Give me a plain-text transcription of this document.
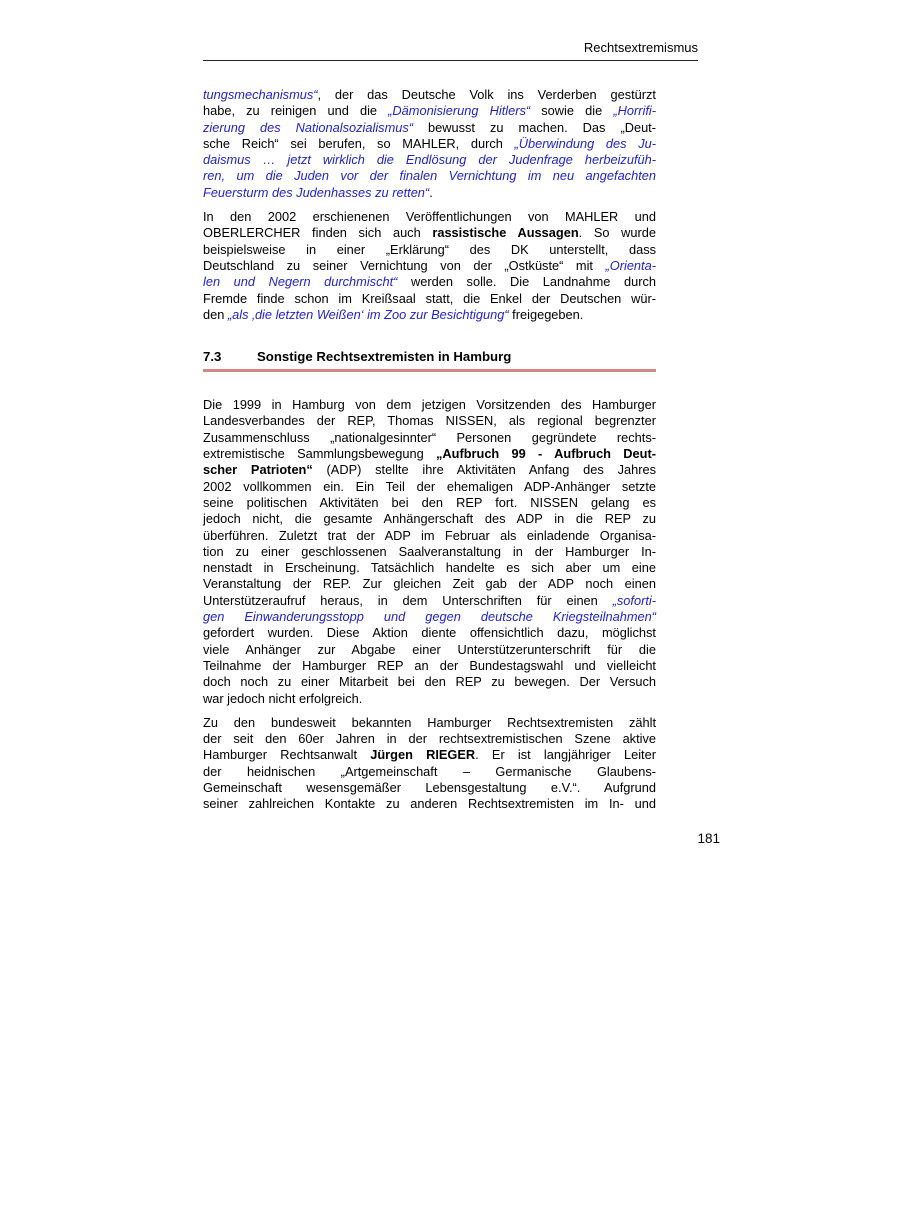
Rechtsextremismus
tungsmechanismus“, der das Deutsche Volk ins Verderben gestürzt
habe, zu reinigen und die „Dämonisierung Hitlers“ sowie die „Horrifi-
zierung des Nationalsozialismus“ bewusst zu machen. Das „Deut-
sche Reich“ sei berufen, so MAHLER, durch „Überwindung des Ju-
daismus … jetzt wirklich die Endlösung der Judenfrage herbeizufüh-
ren, um die Juden vor der finalen Vernichtung im neu angefachten
Feuersturm des Judenhasses zu retten“.
In den 2002 erschienenen Veröffentlichungen von MAHLER und
OBERLERCHER finden sich auch rassistische Aussagen. So wurde
beispielsweise in einer „Erklärung“ des DK unterstellt, dass
Deutschland zu seiner Vernichtung von der „Ostküste“ mit „Orienta-
len und Negern durchmischt“ werden solle. Die Landnahme durch
Fremde finde schon im Kreißsaal statt, die Enkel der Deutschen wür-
den „als ‚die letzten Weißen‘ im Zoo zur Besichtigung“ freigegeben.
7.3	Sonstige Rechtsextremisten in Hamburg
Die 1999 in Hamburg von dem jetzigen Vorsitzenden des Hamburger
Landesverbandes der REP, Thomas NISSEN, als regional begrenzter
Zusammenschluss „nationalgesinnter“ Personen gegründete rechts-
extremistische Sammlungsbewegung „Aufbruch 99 - Aufbruch Deut-
scher Patrioten“ (ADP) stellte ihre Aktivitäten Anfang des Jahres
2002 vollkommen ein. Ein Teil der ehemaligen ADP-Anhänger setzte
seine politischen Aktivitäten bei den REP fort. NISSEN gelang es
jedoch nicht, die gesamte Anhängerschaft des ADP in die REP zu
überführen. Zuletzt trat der ADP im Februar als einladende Organisa-
tion zu einer geschlossenen Saalveranstaltung in der Hamburger In-
nenstadt in Erscheinung. Tatsächlich handelte es sich aber um eine
Veranstaltung der REP. Zur gleichen Zeit gab der ADP noch einen
Unterstützeraufruf heraus, in dem Unterschriften für einen „soforti-
gen Einwanderungsstopp und gegen deutsche Kriegsteilnahmen“
gefordert wurden. Diese Aktion diente offensichtlich dazu, möglichst
viele Anhänger zur Abgabe einer Unterstützerunterschrift für die
Teilnahme der Hamburger REP an der Bundestagswahl und vielleicht
doch noch zu einer Mitarbeit bei den REP zu bewegen. Der Versuch
war jedoch nicht erfolgreich.
Zu den bundesweit bekannten Hamburger Rechtsextremisten zählt
der seit den 60er Jahren in der rechtsextremistischen Szene aktive
Hamburger Rechtsanwalt Jürgen RIEGER. Er ist langjähriger Leiter
der heidnischen „Artgemeinschaft – Germanische Glaubens-
Gemeinschaft wesensgemäßer Lebensgestaltung e.V.“. Aufgrund
seiner zahlreichen Kontakte zu anderen Rechtsextremisten im In- und
181
